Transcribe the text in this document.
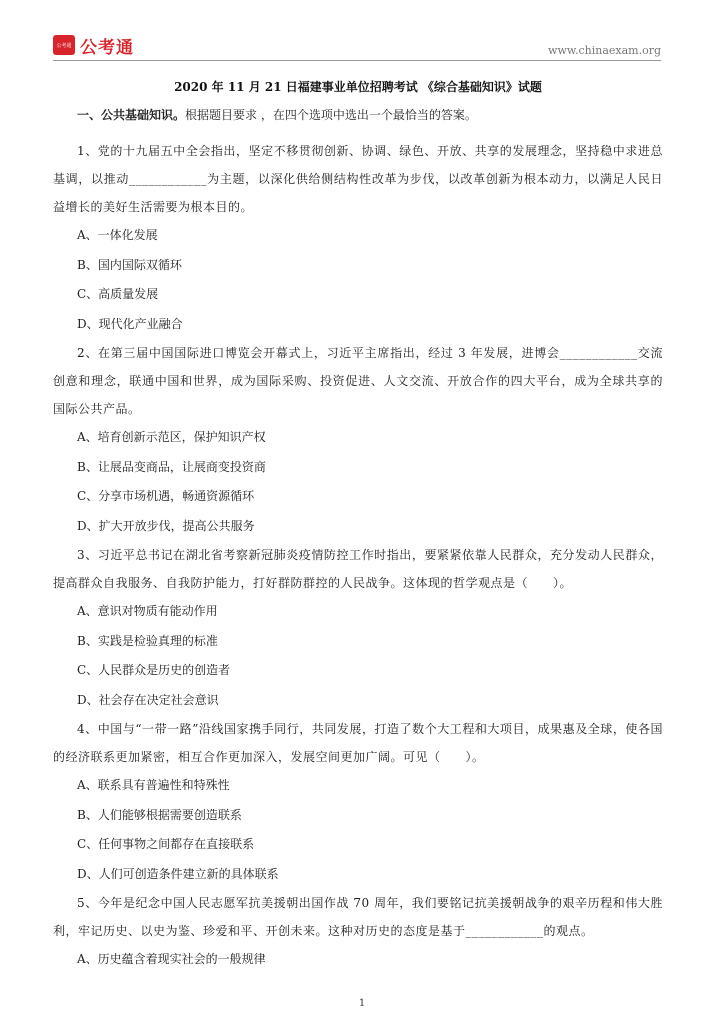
公考通 公考通	www.chinaexam.org
2020 年 11 月 21 日福建事业单位招聘考试 《综合基础知识》试题

一、公共基础知识。根据题目要求 ，在四个选项中选出一个最恰当的答案。

1、党的十九届五中全会指出，坚定不移贯彻创新、协调、绿色、开放、共享的发展理念，坚持稳中求进总基调，以推动____________为主题，以深化供给侧结构性改革为步伐，以改革创新为根本动力，以满足人民日益增长的美好生活需要为根本目的。

A、一体化发展
B、国内国际双循环
C、高质量发展
D、现代化产业融合

2、在第三届中国国际进口博览会开幕式上，习近平主席指出，经过 3 年发展，进博会____________交流创意和理念，联通中国和世界，成为国际采购、投资促进、人文交流、开放合作的四大平台，成为全球共享的国际公共产品。

A、培育创新示范区，保护知识产权
B、让展品变商品，让展商变投资商
C、分享市场机遇，畅通资源循环
D、扩大开放步伐，提高公共服务

3、习近平总书记在湖北省考察新冠肺炎疫情防控工作时指出，要紧紧依靠人民群众，充分发动人民群众，提高群众自我服务、自我防护能力，打好群防群控的人民战争。这体现的哲学观点是（　　）。

A、意识对物质有能动作用
B、实践是检验真理的标准
C、人民群众是历史的创造者
D、社会存在决定社会意识

4、中国与“一带一路”沿线国家携手同行，共同发展，打造了数个大工程和大项目，成果惠及全球，使各国的经济联系更加紧密，相互合作更加深入，发展空间更加广阔。可见（　　）。

A、联系具有普遍性和特殊性
B、人们能够根据需要创造联系
C、任何事物之间都存在直接联系
D、人们可创造条件建立新的具体联系

5、今年是纪念中国人民志愿军抗美援朝出国作战 70 周年，我们要铭记抗美援朝战争的艰辛历程和伟大胜利，牢记历史、以史为鉴、珍爱和平、开创未来。这种对历史的态度是基于____________的观点。

A、历史蕴含着现实社会的一般规律
1
